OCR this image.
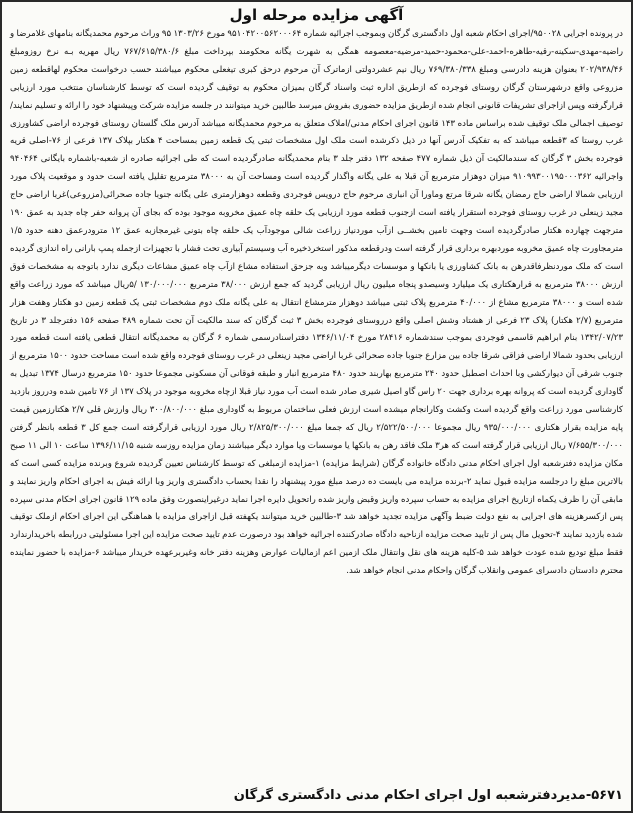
آگهی مزایده مرحله اول

در پرونده اجرایی ۹۵۰۰۲۸/اجرای احکام شعبه اول دادگستری گرگان وبموجب اجرائیه شماره ۹۵۱۰۴۲۰۰۵۶۲۰۰۰۶۴ مورخ ۱۳۰۳/۲۶ ۹۵ وراث مرحوم محمدیگانه بنامهای غلامرضا و راضیه-مهدی-سکینه-رقیه-طاهره-احمد-علی-محمود-حمید-مرضیه-معصومه همگی به شهرت یگانه محکومند بپرداخت مبلغ ۷۶۷/۶۱۵/۳۸۰/۶ ریال مهریه بـه نرخ روزومبلغ ۲۰۲/۹۳۸/۴۶ بعنوان هزینه دادرسی ومبلغ ۷۶۹/۳۸۰/۳۳۸ ریال نیم عشردولتی ازماترک آن مرحوم درحق کبری تیغعلی محکوم میباشند حسب درخواست محکوم لهاقطعه زمین مزروعی واقع درشهرستان گرگان روستای فوجرده که ازطریق اداره ثبت واسناد گرگان بمیزان محکوم به توقیف گردیده است که توسط کارشناسان منتخب مورد ارزیابی قرارگرفته وپس ازاجرای تشریفات قانونی انجام شده ازطریق مزایده حضوری بفروش میرسد طالبین خرید میتوانند در جلسه مزایده شرکت وپیشنهاد خود را ارائه و تسلیم نمایند/ توصیف اجمالی ملک توقیف شده براساس ماده ۱۴۳ قانون اجرای احکام مدنی/املاک متعلق به مرحوم محمدیگانه میباشد آدرس ملک گلستان روستای فوجرده اراضی کشاورزی غرب روستا که ۳قطعه میباشد که به تفکیک آدرس آنها در ذیل ذکرشده است ملک اول مشخصات ثبتی یک قطعه زمین بمساحت ۴ هکتار بپلاک ۱۳۷ فرعی از ۷۶-اصلی قریه فوجرده بخش ۳ گرگان که سندمالکیت آن ذیل شماره ۴۷۷ صفحه ۱۳۲ دفتر جلد ۳ بنام محمدیگانه صادرگردیده است که طی اجرائیه صادره از شعبه-باشماره بایگانی ۹۴۰۴۶۴ واجرائیه ۹۱۰۹۹۳۰۰۱۹۵۰۰۰۳۶۲ میزان دوهزار مترمربع آن قبلا به علی یگانه واگذار گردیده است ومساحت آن به ۳۸۰۰۰ مترمربع تقلیل یافته است حدود و موقعیت پلاک مورد ارزیابی شمالا اراضی حاج رمضان یگانه شرقا مرتع وماورا آن انباری مرحوم حاج درویس فوجردی وقطعه دوهزارمتری علی یگانه جنوبا جاده صحرائی(مزروعی)غربا اراضی حاج مجید زینعلی در غرب روستای فوجرده استقرار یافته است ازجنوب قطعه مورد ارزیابی یک حلقه چاه عمیق مخروبه موجود بوده که بجای آن پروانه حفر چاه جدید به عمق ۱۹۰ مترجهت چهارده هکتار صادرگردیده است وجهت تامین بخشــی ازآب موردنیاز زراعت شالی موجودآب یک حلقه چاه بتونی غیرمجازبه عمق ۱۲ مترودرعمق دهنه حدود ۱/۵ مترمجاورت چاه عمیق مخروبه موردبهره برداری قرار گرفته است ودرقطعه مذکور استخرذخیره آب وسیستم آبیاری تحت فشار با تجهیزات ازجمله پمپ بارانی راه اندازی گردیده است که ملک موردنظرفاقدرهن به بانک کشاورزی یا بانکها و موسسات دیگرمیباشد وبه جزحق استفاده مشاع ازآب چاه عمیق مشاعات دیگری ندارد باتوجه به مشخصات فوق ارزش ۳۸۰۰۰ مترمربع به قرارهکتاری یک میلیارد وسیصدو پنجاه میلیون ریال ارزیابی گردید که جمع ارزش ۳۸/۰۰۰ مترمربع ۱۳۰/۰۰۰/۰۰۰ /۵ریال میباشد که مورد زراعت واقع شده است و ۳۸۰۰۰ مترمربع مشاع از ۴۰/۰۰۰ مترمربع پلاک ثبتی میباشد دوهزار مترمشاع انتقال به علی یگانه ملک دوم مشخصات ثبتی یک قطعه زمین دو هکتار وهفت هزار مترمربع (۲/۷ هکتار) پلاک ۲۳ فرعی از هشتاد وشش اصلی واقع درروستای فوجرده بخش ۳ ثبت گرگان که سند مالکیت آن تحت شماره ۴۸۹ صفحه ۱۵۶ دفترجلد ۳ در تاریخ ۱۳۴۲/۰۷/۲۳ بنام ابراهیم قاسمی فوجردی بموجب سندشماره ۲۸۴۱۶ مورخ ۱۳۴۶/۱۱/۰۴ دفتراسنادرسمی شماره ۶ گرگان به محمدیگانه انتقال قطعی یافته است قطعه مورد ارزیابی بحدود شمالا اراضی فزاقی شرقا جاده بین مزارع جنوبا جاده صحرائی غربا اراضی مجید زینعلی در غرب روستای فوجرده واقع شده است مساحت حدود ۱۵۰۰ مترمربع از جنوب شرقی آن دیوارکشی وبا احداث اصطبل حدود ۲۴۰ مترمربع بهاربند حدود ۴۸۰ مترمربع انبار و طبقه فوقانی آن مسکونی مجموعا حدود ۱۵۰ مترمربع درسال ۱۳۷۴ تبدیل به گاوداری گردیده است که پروانه بهره برداری جهت ۲۰ راس گاو اصیل شیری صادر شده است آب مورد نیاز قبلا ازچاه مخروبه موجود در پلاک ۱۳۷ از ۷۶ تامین شده ودرروز بازدید کارشناسی مورد زراعت واقع گردیده است وکشت وکارانجام میشده است ارزش فعلی ساختمان مربوط به گاوداری مبلغ ۳۰۰/۸۰۰/۰۰۰ ریال وارزش قلی ۲/۷ هکتارزمین قیمت پایه مزایده بقرار هکتاری ۹۳۵/۰۰۰/۰۰۰ ریال مجموعا ۲/۵۲۲/۵۰۰/۰۰۰ ریال که جمعا مبلغ ۲/۸۲۵/۳۰۰/۰۰۰ ریال مورد ارزیابی قرارگرفته است جمع کل ۳ قطعه بانظر گرفتن ۷/۶۵۵/۳۰۰/۰۰۰ ریال ارزیابی قرار گرفته است که هر۳ ملک فاقد رهن به بانکها یا موسسات ویا موارد دیگر میباشند زمان مزایده روزسه شنبه ۱۳۹۶/۱۱/۱۵ ساعت ۱۰ الی ۱۱ صبح مکان مزایده دفترشعبه اول اجرای احکام مدنی دادگاه خانواده گرگان (شرایط مزایده) ۱-مزایده ازمبلغی که توسط کارشناس تعیین گردیده شروع وبرنده مزایده کسی است که بالاترین مبلغ را درجلسه مزایده قبول نماید ۲-برنده مزایده می بایست ده درصد مبلغ مورد پیشنهاد را نقدا بحساب دادگستری واریز وبا ارائه فیش به اجرای احکام واریز نمایند و مابقی آن را ظرف یکماه ازتاریخ اجرای مزایده به حساب سپرده واریز وقبض واریز شده راتحویل دایره اجرا نماید درغیراینصورت وفق ماده ۱۲۹ قانون اجرای احکام مدنی سپرده پس ازکسرهزینه های اجرایی به نفع دولت ضبط وآگهی مزایده تجدید خواهد شد ۳-طالبین خرید میتوانند یکهفته قبل ازاجرای مزایده با هماهنگی این اجرای احکام ازملک توقیف شده بازدید نمایند ۴-تحویل مال پس از تایید صحت مزایده ازناحیه دادگاه صادرکننده اجرائیه خواهد بود درصورت عدم تایید صحت مزایده این اجرا مسئولیتی دررابطه باخریدارندارد فقط مبلغ تودیع شده عودت خواهد شد ۵-کلیه هزینه های نقل وانتقال ملک ازمین اعم ازمالیات عوارض وهزینه دفتر خانه وغیربرعهده خریدار میباشد ۶-مزایده با حضور نماینده محترم دادستان دادسرای عمومی وانقلاب گرگان واحکام مدنی انجام خواهد شد.

۵۶۷۱-مدیردفترشعبه اول اجرای احکام مدنی دادگستری گرگان
